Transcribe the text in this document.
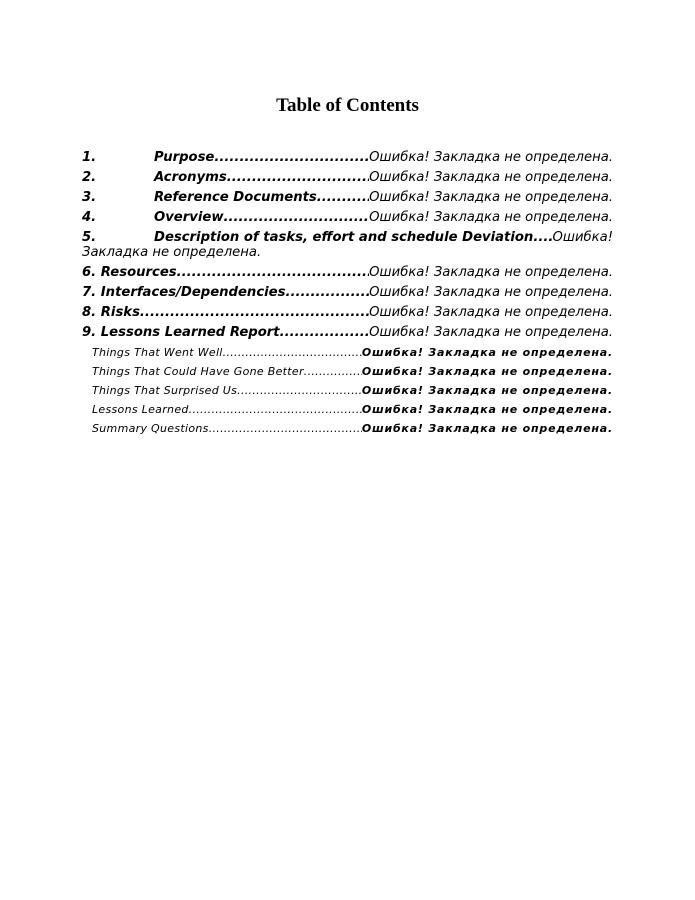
Table of Contents
1.	Purpose .....	Ошибка! Закладка не определена.
2.	Acronyms .....	Ошибка! Закладка не определена.
3.	Reference Documents .....	Ошибка! Закладка не определена.
4.	Overview .....	Ошибка! Закладка не определена.
5.	Description of tasks, effort and schedule Deviation ..... Ошибка!
Закладка не определена.
6. Resources .....	Ошибка! Закладка не определена.
7. Interfaces/Dependencies .....	Ошибка! Закладка не определена.
8. Risks .....	Ошибка! Закладка не определена.
9. Lessons Learned Report .....	Ошибка! Закладка не определена.
Things That Went Well .....	Ошибка! Закладка не определена.
Things That Could Have Gone Better .....	Ошибка! Закладка не определена.
Things That Surprised Us .....	Ошибка! Закладка не определена.
Lessons Learned .....	Ошибка! Закладка не определена.
Summary Questions .....	Ошибка! Закладка не определена.
